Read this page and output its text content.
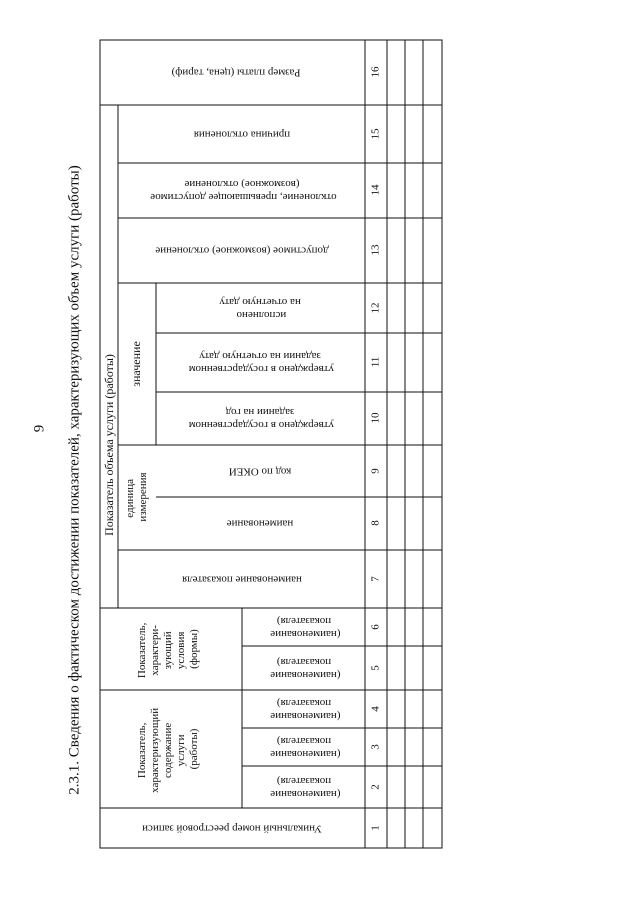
9 2.3.1. Сведения о фактическом достижении показателей, характеризующих объем услуги (работы)
Размер платы (цена, тариф)
причина отклонения
отклонение, превышающее допустимое (возможное) отклонение
допустимое (возможное) отклонение
Показатель объема услуги (работы) значение
исполнено на отчетную дату
утверждено в государственном задании на отчетную дату
утверждено в государственном задании на год
единица измерения
код по ОКЕИ
наименование
наименование показателя
Показатель, характери- зующий условия (формы)
Показатель, характеризующий содержание услуги (работы)
(наименование показателя)
(наименование показателя)
(наименование показателя)
(наименование показателя)
(наименование показателя)
Уникальный номер реестровой записи
16
15
14
13
12
11
10
9
8
7
6
5
4
3
2
1
